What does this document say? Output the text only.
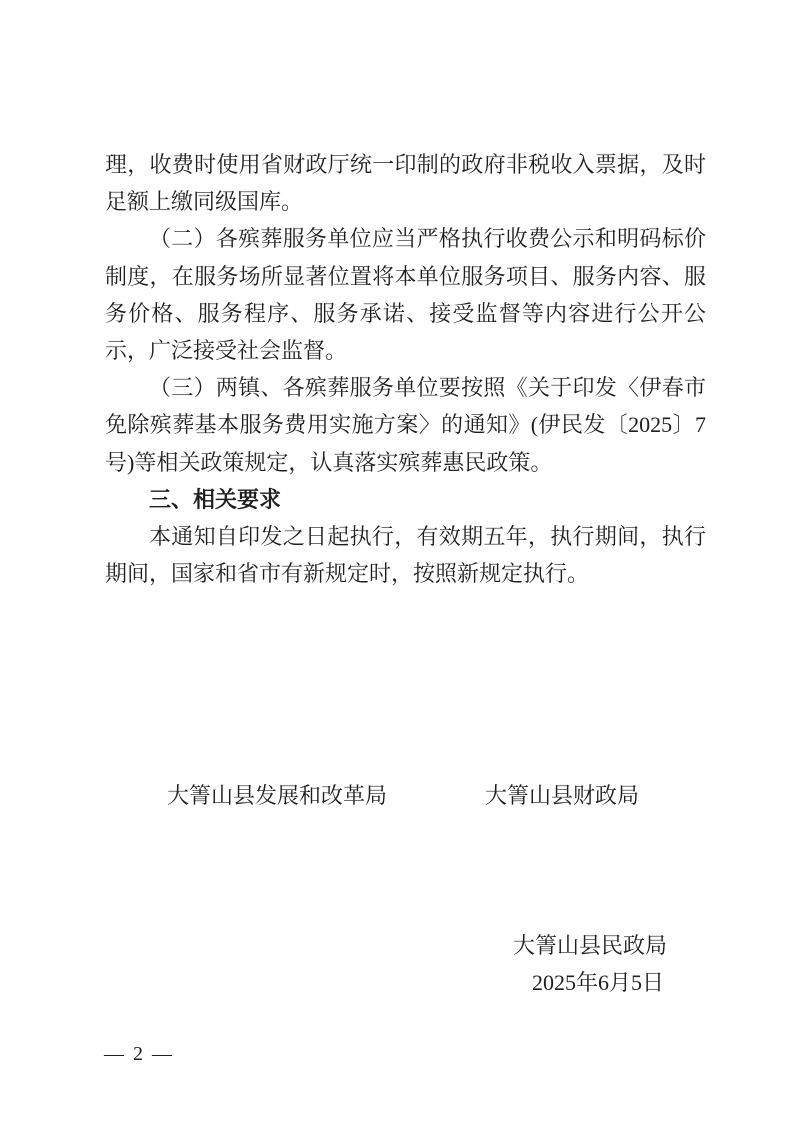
理，收费时使用省财政厅统一印制的政府非税收入票据，及时足额上缴同级国库。

（二）各殡葬服务单位应当严格执行收费公示和明码标价制度，在服务场所显著位置将本单位服务项目、服务内容、服务价格、服务程序、服务承诺、接受监督等内容进行公开公示，广泛接受社会监督。

（三）两镇、各殡葬服务单位要按照《关于印发〈伊春市免除殡葬基本服务费用实施方案〉的通知》(伊民发〔2025〕7号)等相关政策规定，认真落实殡葬惠民政策。

三、相关要求

本通知自印发之日起执行，有效期五年，执行期间，执行期间，国家和省市有新规定时，按照新规定执行。

大箐山县发展和改革局	大箐山县财政局
大箐山县民政局
2025年6月5日
— 2 —
